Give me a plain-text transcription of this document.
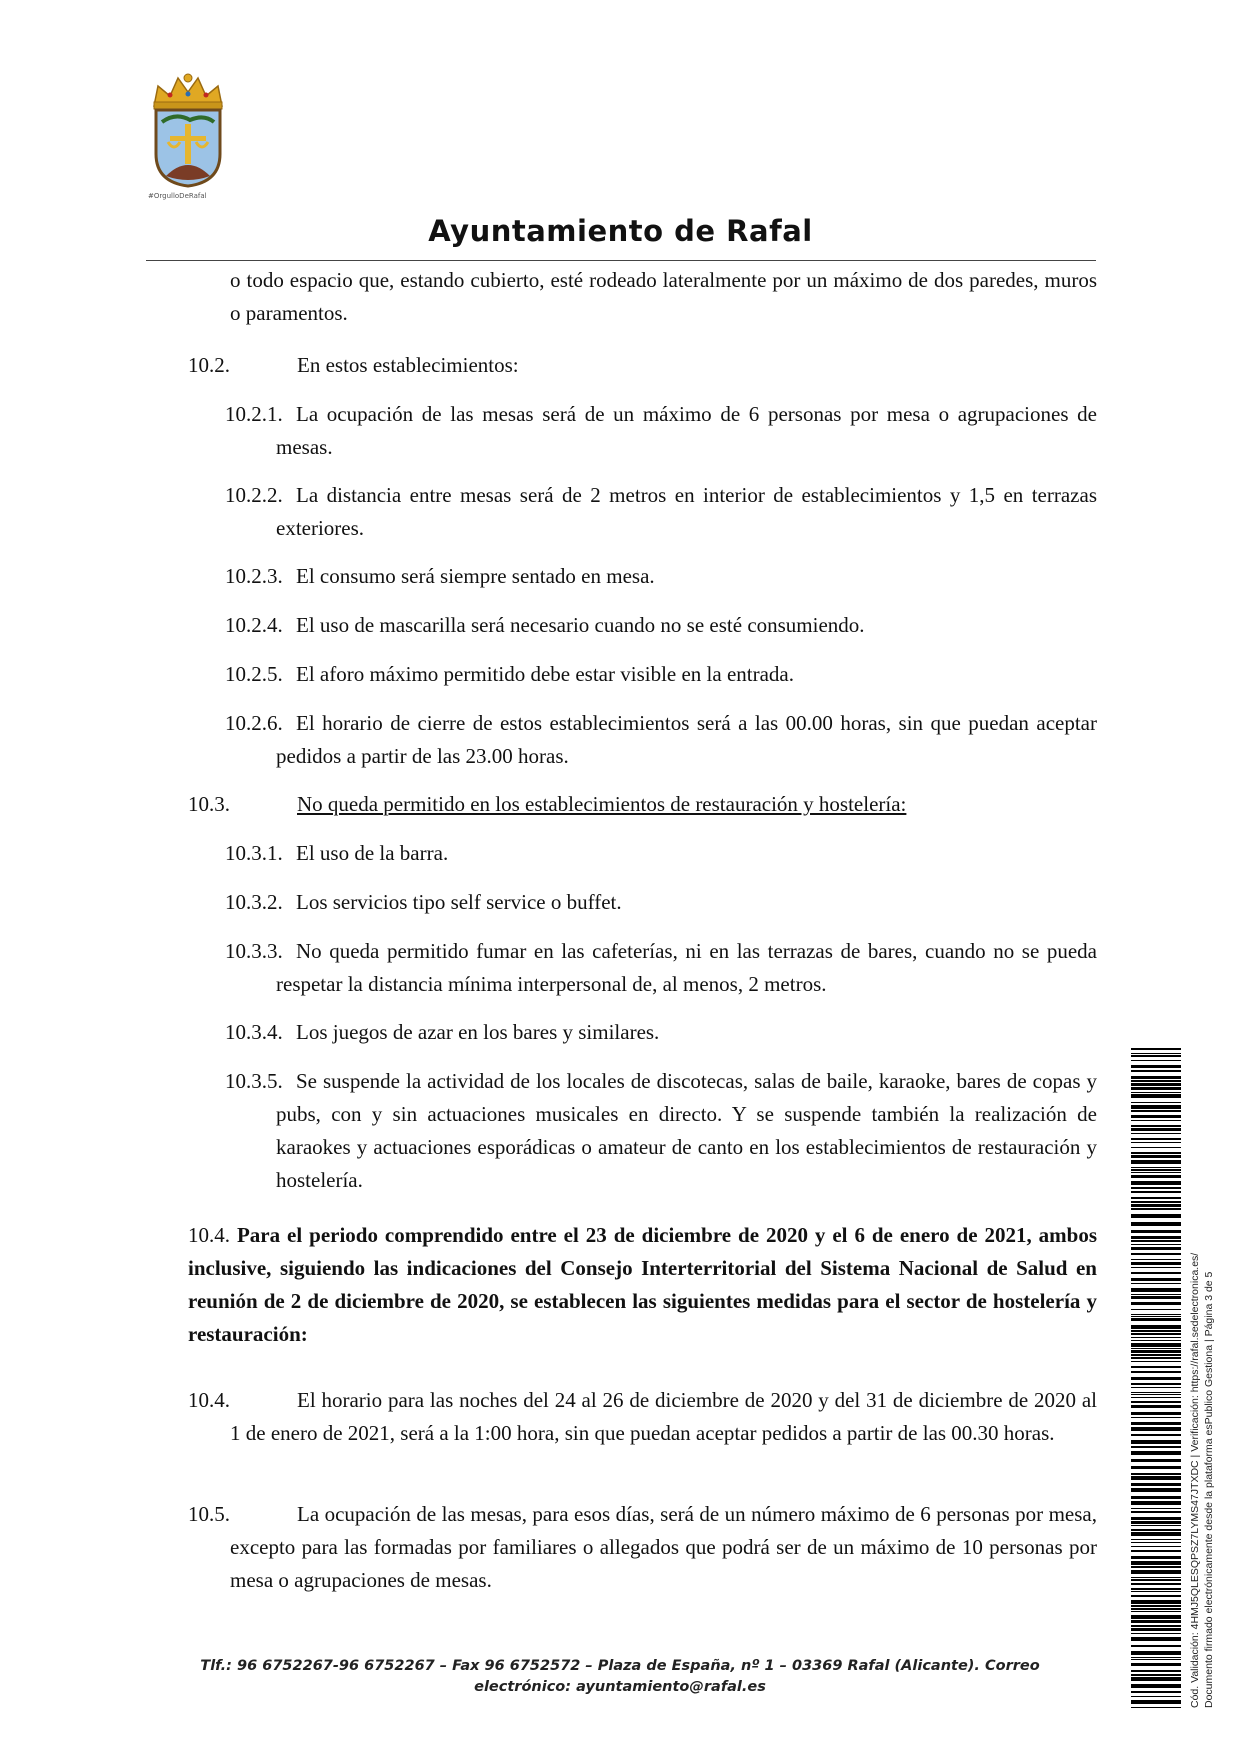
#OrgulloDeRafal
Ayuntamiento de Rafal
o todo espacio que, estando cubierto, esté rodeado lateralmente por un máximo de dos paredes, muros o paramentos.
10.2.	En estos establecimientos:
10.2.1. La ocupación de las mesas será de un máximo de 6 personas por mesa o agrupaciones de mesas.
10.2.2. La distancia entre mesas será de 2 metros en interior de establecimientos y 1,5 en terrazas exteriores.
10.2.3. El consumo será siempre sentado en mesa.
10.2.4. El uso de mascarilla será necesario cuando no se esté consumiendo.
10.2.5. El aforo máximo permitido debe estar visible en la entrada.
10.2.6. El horario de cierre de estos establecimientos será a las 00.00 horas, sin que puedan aceptar pedidos a partir de las 23.00 horas.
10.3.	No queda permitido en los establecimientos de restauración y hostelería:
10.3.1. El uso de la barra.
10.3.2. Los servicios tipo self service o buffet.
10.3.3. No queda permitido fumar en las cafeterías, ni en las terrazas de bares, cuando no se pueda respetar la distancia mínima interpersonal de, al menos, 2 metros.
10.3.4. Los juegos de azar en los bares y similares.
10.3.5. Se suspende la actividad de los locales de discotecas, salas de baile, karaoke, bares de copas y pubs, con y sin actuaciones musicales en directo. Y se suspende también la realización de karaokes y actuaciones esporádicas o amateur de canto en los establecimientos de restauración y hostelería.
10.4. Para el periodo comprendido entre el 23 de diciembre de 2020 y el 6 de enero de 2021, ambos inclusive, siguiendo las indicaciones del Consejo Interterritorial del Sistema Nacional de Salud en reunión de 2 de diciembre de 2020, se establecen las siguientes medidas para el sector de hostelería y restauración:
10.4.	El horario para las noches del 24 al 26 de diciembre de 2020 y del 31 de diciembre de 2020 al 1 de enero de 2021, será a la 1:00 hora, sin que puedan aceptar pedidos a partir de las 00.30 horas.
10.5.	La ocupación de las mesas, para esos días, será de un número máximo de 6 personas por mesa, excepto para las formadas por familiares o allegados que podrá ser de un máximo de 10 personas por mesa o agrupaciones de mesas.
Tlf.: 96 6752267-96 6752267 – Fax 96 6752572 – Plaza de España, nº 1 – 03369 Rafal (Alicante). Correo electrónico: ayuntamiento@rafal.es	Cód. Validación: 4HMJ5QLESQPSZ7LYMS47JTXDC | Verificación: https://rafal.sedelectronica.es/ Documento firmado electrónicamente desde la plataforma esPublico Gestiona | Página 3 de 5
